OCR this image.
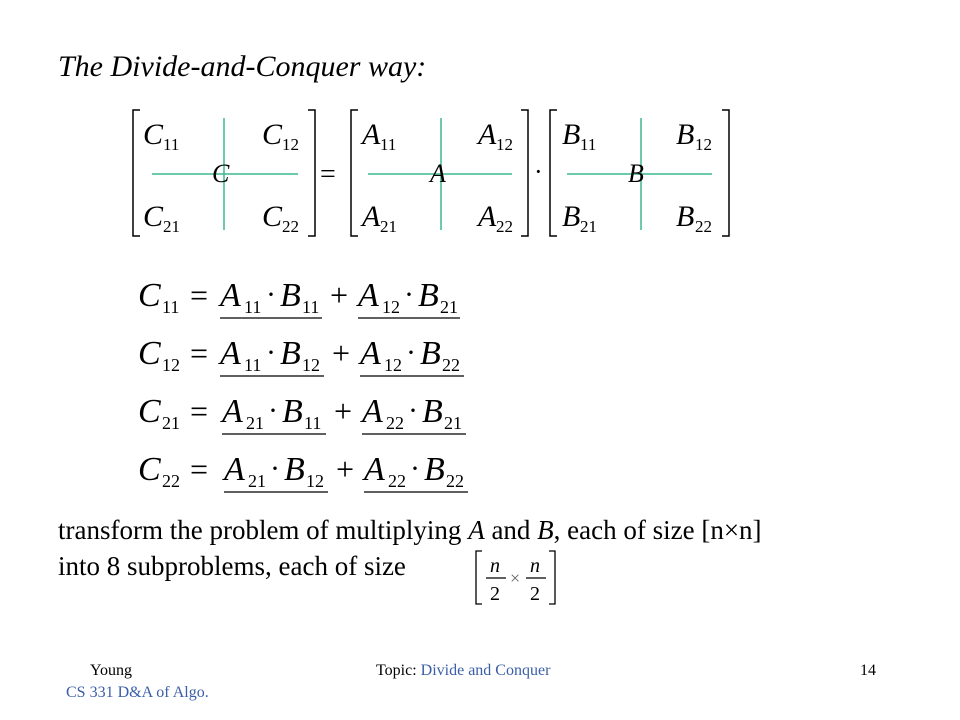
The Divide-and-Conquer way:
C 11	C 12
C 21	C 22
C	=
A 11	A 12
A 21	A 22
A	·
B 11	B 12
B 21	B 22
B
C 11 = A 11 · B 11 + A 12 · B 21
C 12 = A 11 · B 12 + A 12 · B 22
C 21 = A 21 · B 11 + A 22 · B 21
C 22 = A 21 · B 12 + A 22 · B 22
transform the problem of multiplying A and B, each of size [n×n]
into 8 subproblems, each of size	n
2
×
n
2
Young
CS 331 D&A of Algo.
Topic: Divide and Conquer	14
